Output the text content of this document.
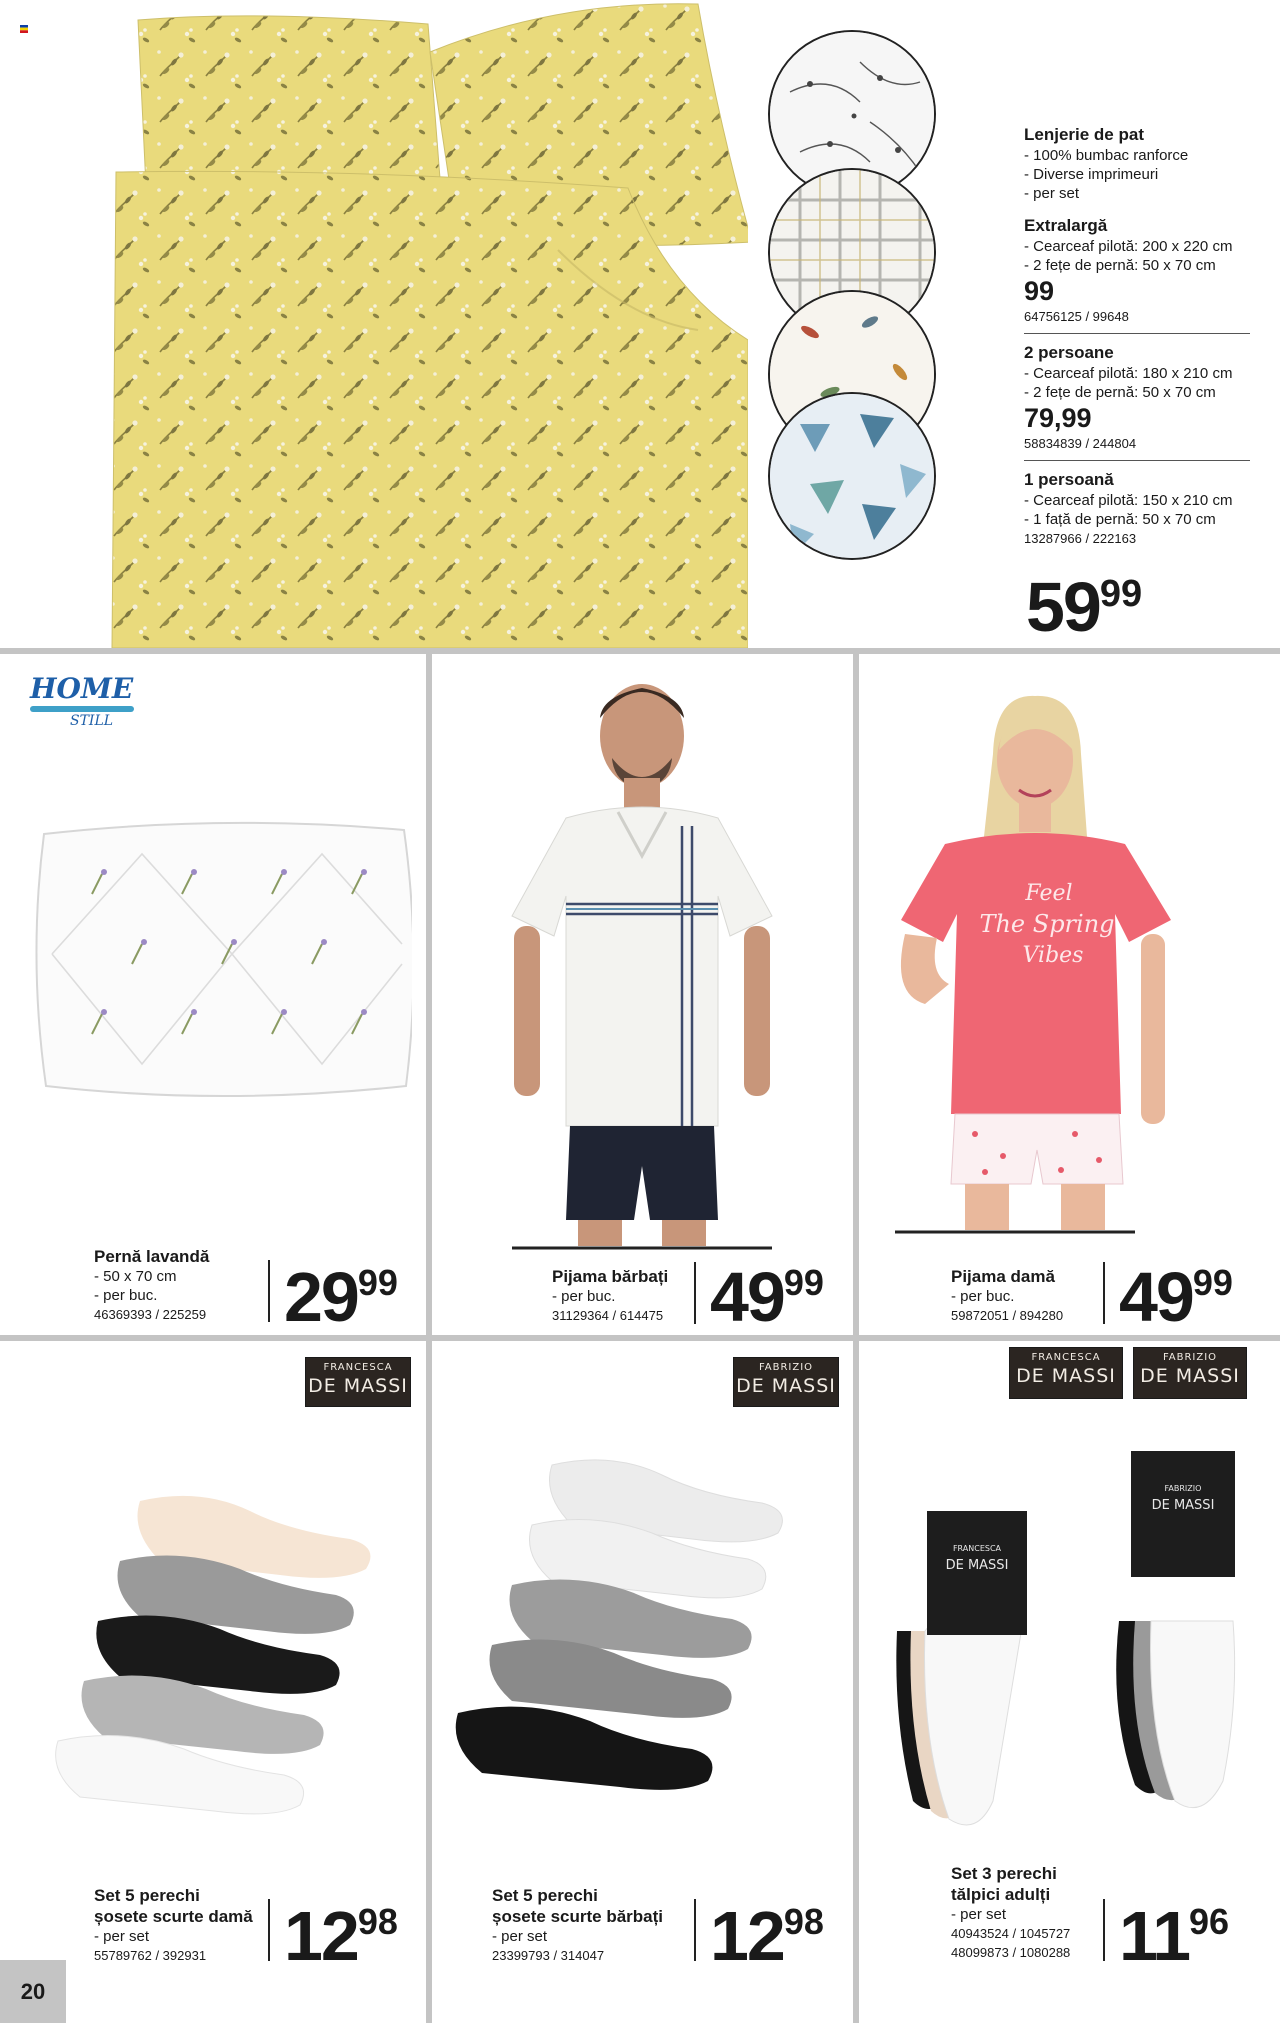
Lenjerie de pat
- 100% bumbac ranforce
- Diverse imprimeuri
- per set
Extralargă
- Cearceaf pilotă: 200 x 220 cm
- 2 fețe de pernă: 50 x 70 cm
99
64756125 / 99648
2 persoane
- Cearceaf pilotă: 180 x 210 cm
- 2 fețe de pernă: 50 x 70 cm
79,99
58834839 / 244804
1 persoană
- Cearceaf pilotă: 150 x 210 cm
- 1 față de pernă: 50 x 70 cm
13287966 / 222163
5999
HOME
STILL
Pernă lavandă
- 50 x 70 cm
- per buc.
46369393 / 225259	2999	Pijama bărbați
- per buc.
31129364 / 614475 4999
Feel
The Spring
Vibes
Pijama damă
- per buc.
59872051 / 894280 4999
FRANCESCA
DE MASSI
Set 5 perechi
șosete scurte damă
- per set
55789762 / 392931	1298
FABRIZIO
DE MASSI
Set 5 perechi
șosete scurte bărbați
- per set
23399793 / 314047	1298
FRANCESCA
DE MASSI
FABRIZIO
DE MASSI
FRANCESCA
DE MASSI
FABRIZIO
DE MASSI
Set 3 perechi
tălpici adulți
- per set
40943524 / 1045727
48099873 / 1080288 1196
20
